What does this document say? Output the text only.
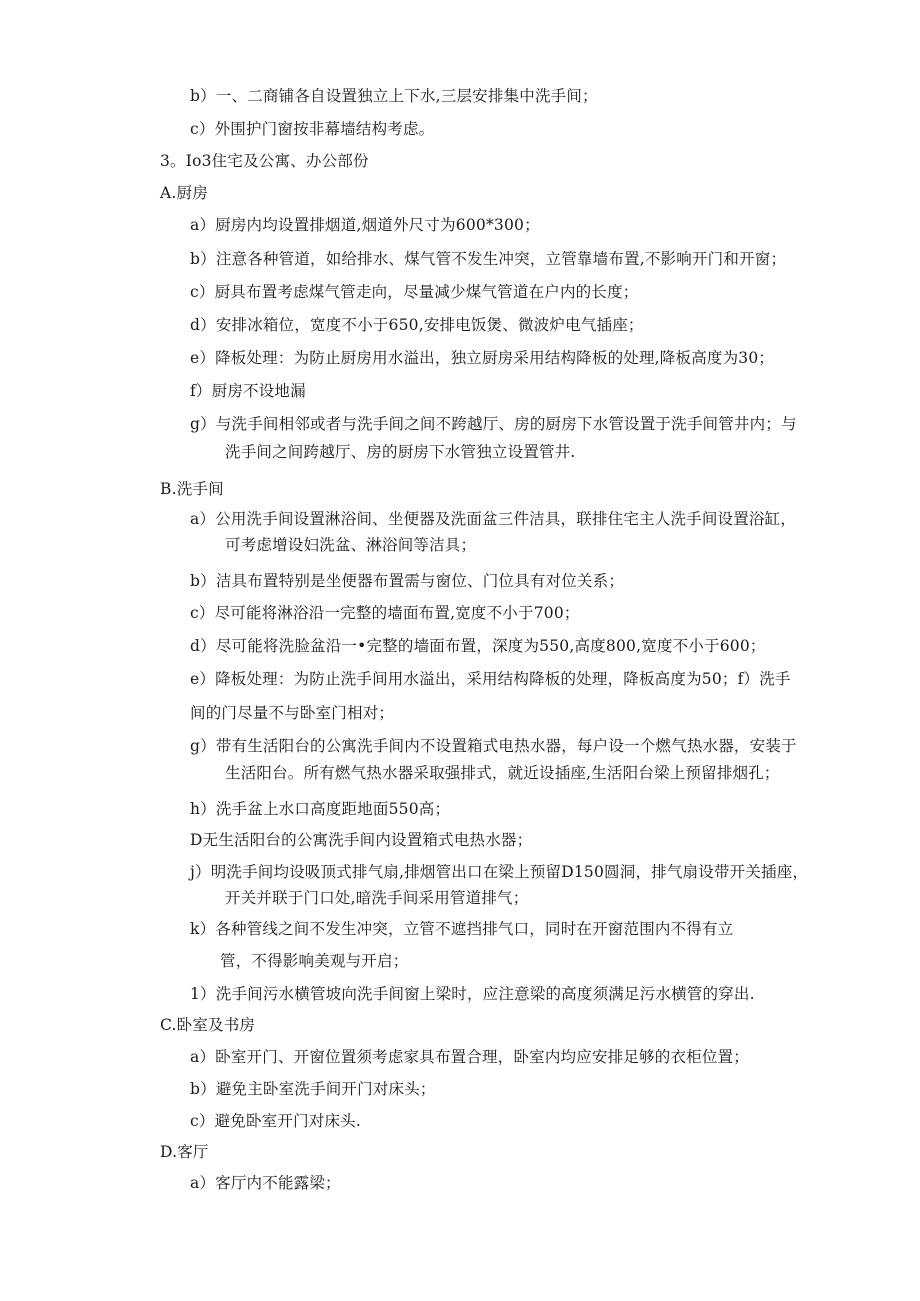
b）一、二商铺各自设置独立上下水,三层安排集中洗手间；
c）外围护门窗按非幕墙结构考虑。
3。Io3住宅及公寓、办公部份
A.厨房
a）厨房内均设置排烟道,烟道外尺寸为600*300；
b）注意各种管道，如给排水、煤气管不发生冲突，立管靠墙布置,不影响开门和开窗；
c）厨具布置考虑煤气管走向，尽量减少煤气管道在户内的长度；
d）安排冰箱位，宽度不小于650,安排电饭煲、微波炉电气插座；
e）降板处理：为防止厨房用水溢出，独立厨房采用结构降板的处理,降板高度为30；
f）厨房不设地漏
g）与洗手间相邻或者与洗手间之间不跨越厅、房的厨房下水管设置于洗手间管井内；与
洗手间之间跨越厅、房的厨房下水管独立设置管井.
B.洗手间
a）公用洗手间设置淋浴间、坐便器及洗面盆三件洁具，联排住宅主人洗手间设置浴缸，
可考虑增设妇洗盆、淋浴间等洁具；
b）洁具布置特别是坐便器布置需与窗位、门位具有对位关系；
c）尽可能将淋浴沿一完整的墙面布置,宽度不小于700；
d）尽可能将洗脸盆沿一•完整的墙面布置，深度为550,高度800,宽度不小于600；
e）降板处理：为防止洗手间用水溢出，采用结构降板的处理，降板高度为50；f）洗手
间的门尽量不与卧室门相对；
g）带有生活阳台的公寓洗手间内不设置箱式电热水器，每户设一个燃气热水器，安装于
生活阳台。所有燃气热水器采取强排式，就近设插座,生活阳台梁上预留排烟孔；
h）洗手盆上水口高度距地面550高；
D无生活阳台的公寓洗手间内设置箱式电热水器；
j）明洗手间均设吸顶式排气扇,排烟管出口在梁上预留D150圆洞，排气扇设带开关插座，
开关并联于门口处,暗洗手间采用管道排气；
k）各种管线之间不发生冲突，立管不遮挡排气口，同时在开窗范围内不得有立
管，不得影响美观与开启；
1）洗手间污水横管坡向洗手间窗上梁时，应注意梁的高度须满足污水横管的穿出.
C.卧室及书房
a）卧室开门、开窗位置须考虑家具布置合理，卧室内均应安排足够的衣柜位置；
b）避免主卧室洗手间开门对床头；
c）避免卧室开门对床头.
D.客厅
a）客厅内不能露梁；
